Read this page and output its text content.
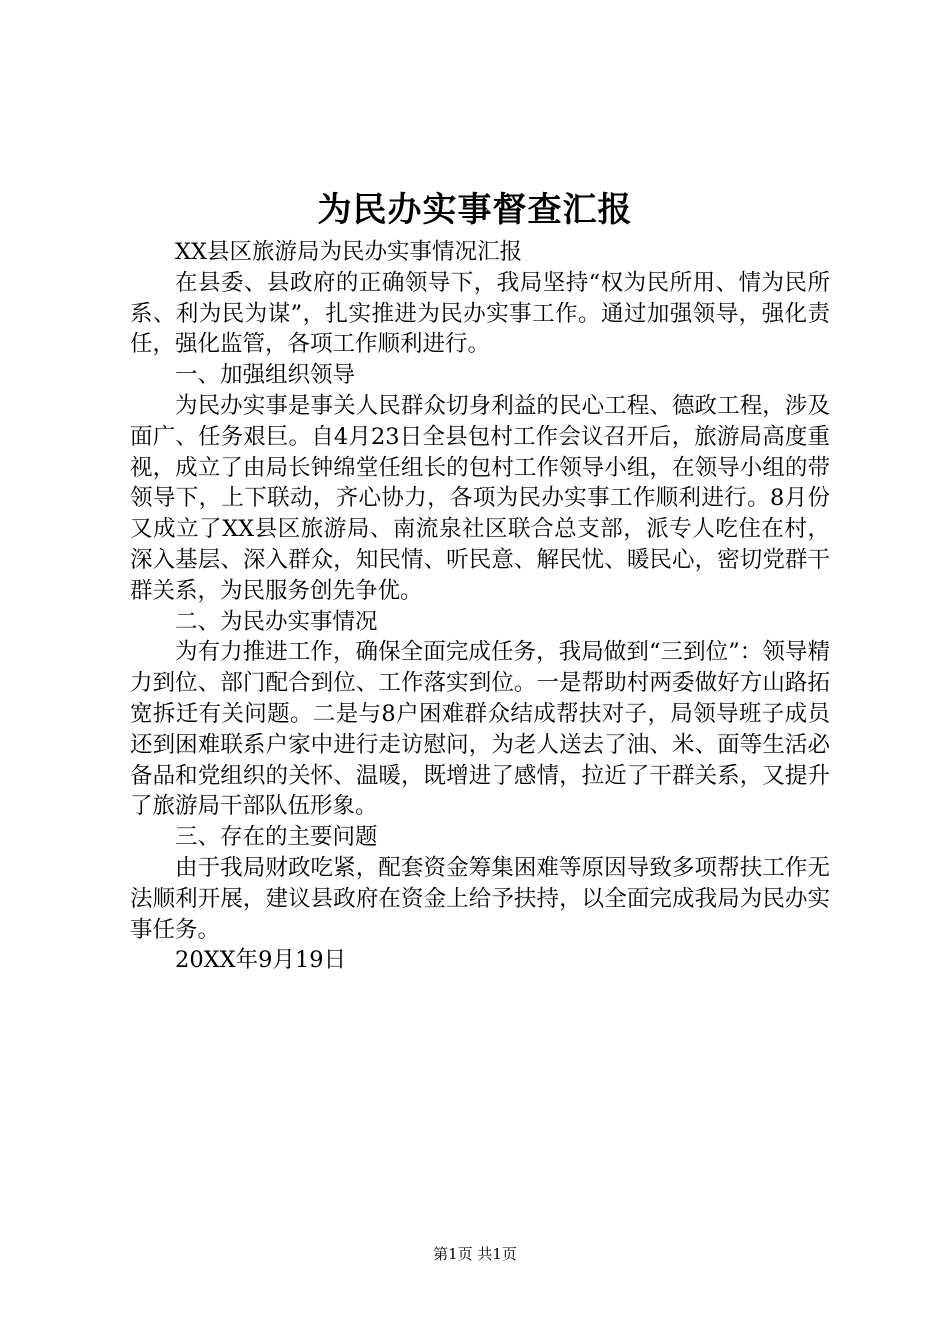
为民办实事督查汇报

XX县区旅游局为民办实事情况汇报

在县委、县政府的正确领导下，我局坚持“权为民所用、情为民所系、利为民为谋”，扎实推进为民办实事工作。通过加强领导，强化责任，强化监管，各项工作顺利进行。

一、加强组织领导

为民办实事是事关人民群众切身利益的民心工程、德政工程，涉及面广、任务艰巨。自4月23日全县包村工作会议召开后，旅游局高度重视，成立了由局长钟绵堂任组长的包村工作领导小组，在领导小组的带领导下，上下联动，齐心协力，各项为民办实事工作顺利进行。8月份又成立了XX县区旅游局、南流泉社区联合总支部，派专人吃住在村，深入基层、深入群众，知民情、听民意、解民忧、暖民心，密切党群干群关系，为民服务创先争优。

二、为民办实事情况

为有力推进工作，确保全面完成任务，我局做到“三到位”：领导精力到位、部门配合到位、工作落实到位。一是帮助村两委做好方山路拓宽拆迁有关问题。二是与8户困难群众结成帮扶对子，局领导班子成员还到困难联系户家中进行走访慰问，为老人送去了油、米、面等生活必备品和党组织的关怀、温暖，既增进了感情，拉近了干群关系，又提升了旅游局干部队伍形象。

三、存在的主要问题

由于我局财政吃紧，配套资金筹集困难等原因导致多项帮扶工作无法顺利开展，建议县政府在资金上给予扶持，以全面完成我局为民办实事任务。

20XX年9月19日

第1页 共1页
